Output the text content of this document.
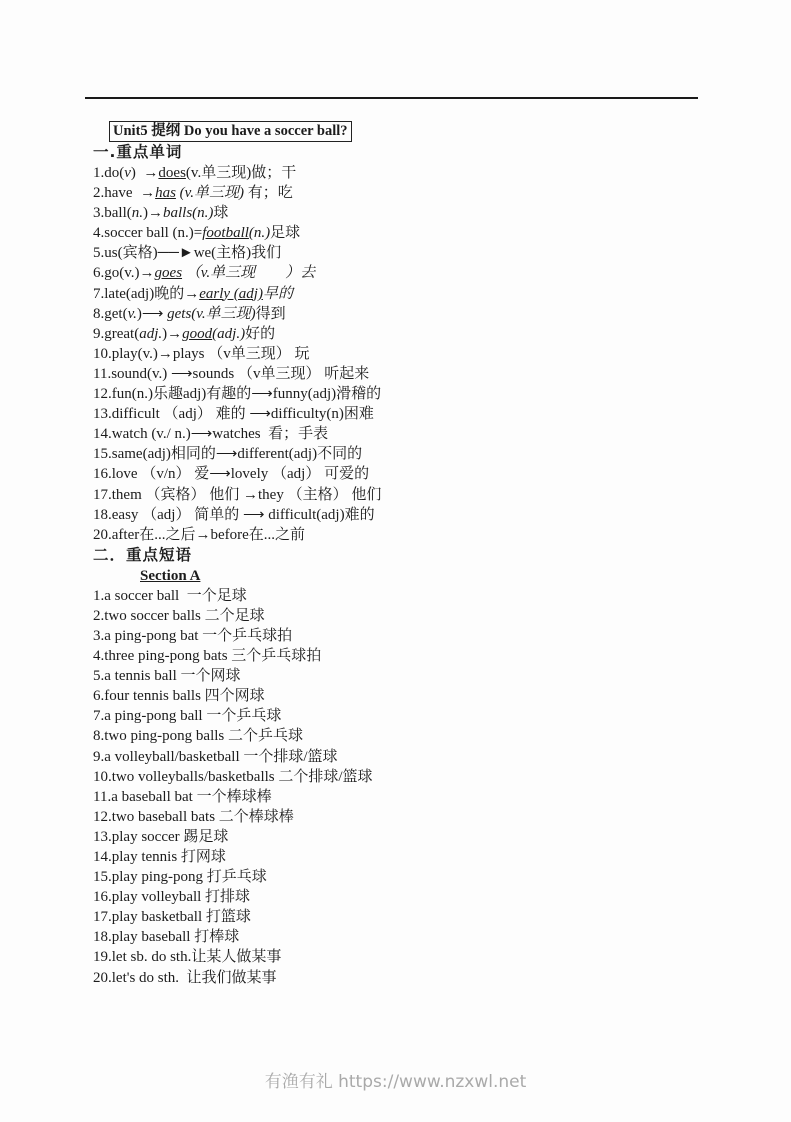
Unit5 提纲 Do you have a soccer ball?
一.重点单词
1.do(v)  →does(v.单三现)做；干
2.have  →has (v.单三现) 有；吃
3.ball(n.)→balls(n.)球
4.soccer ball (n.)=football(n.)足球
5.us(宾格)──►we(主格)我们
6.go(v.)→goes （v.单三现　　）去
7.late(adj)晚的→early (adj)早的
8.get(v.)⟶ gets(v.单三现)得到
9.great(adj.)→good(adj.)好的
10.play(v.)→plays （v单三现） 玩
11.sound(v.) ⟶sounds （v单三现） 听起来
12.fun(n.)乐趣adj)有趣的⟶funny(adj)滑稽的
13.difficult （adj） 难的 ⟶difficulty(n)困难
14.watch (v./ n.)⟶watches  看；手表
15.same(adj)相同的⟶different(adj)不同的
16.love （v/n） 爱⟶lovely （adj） 可爱的
17.them （宾格） 他们 →they （主格） 他们
18.easy （adj） 简单的 ⟶ difficult(adj)难的
20.after在...之后→before在...之前
二．重点短语
Section A
1.a soccer ball  一个足球
2.two soccer balls 二个足球
3.a ping-pong bat 一个乒乓球拍
4.three ping-pong bats 三个乒乓球拍
5.a tennis ball 一个网球
6.four tennis balls 四个网球
7.a ping-pong ball 一个乒乓球
8.two ping-pong balls 二个乒乓球
9.a volleyball/basketball 一个排球/篮球
10.two volleyballs/basketballs 二个排球/篮球
11.a baseball bat 一个棒球棒
12.two baseball bats 二个棒球棒
13.play soccer 踢足球
14.play tennis 打网球
15.play ping-pong 打乒乓球
16.play volleyball 打排球
17.play basketball 打篮球
18.play baseball 打棒球
19.let sb. do sth.让某人做某事
20.let's do sth.  让我们做某事
有渔有礼 https://www.nzxwl.net
